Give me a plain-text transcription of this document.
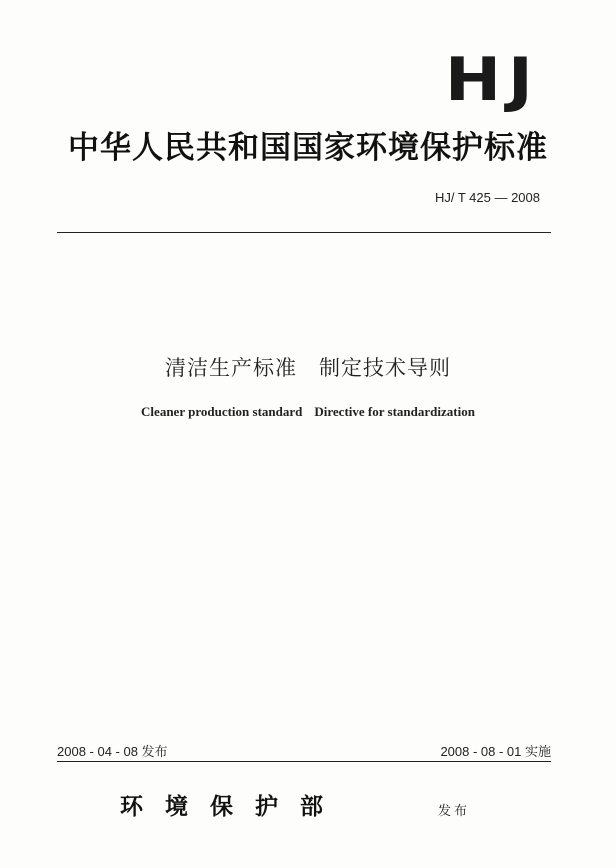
HJ
中华人民共和国国家环境保护标准
HJ/ T 425 — 2008
清洁生产标准 制定技术导则
Cleaner production standard Directive for standardization
2008 - 04 - 08 发布	2008 - 08 - 01 实施
环境保护部	发布
